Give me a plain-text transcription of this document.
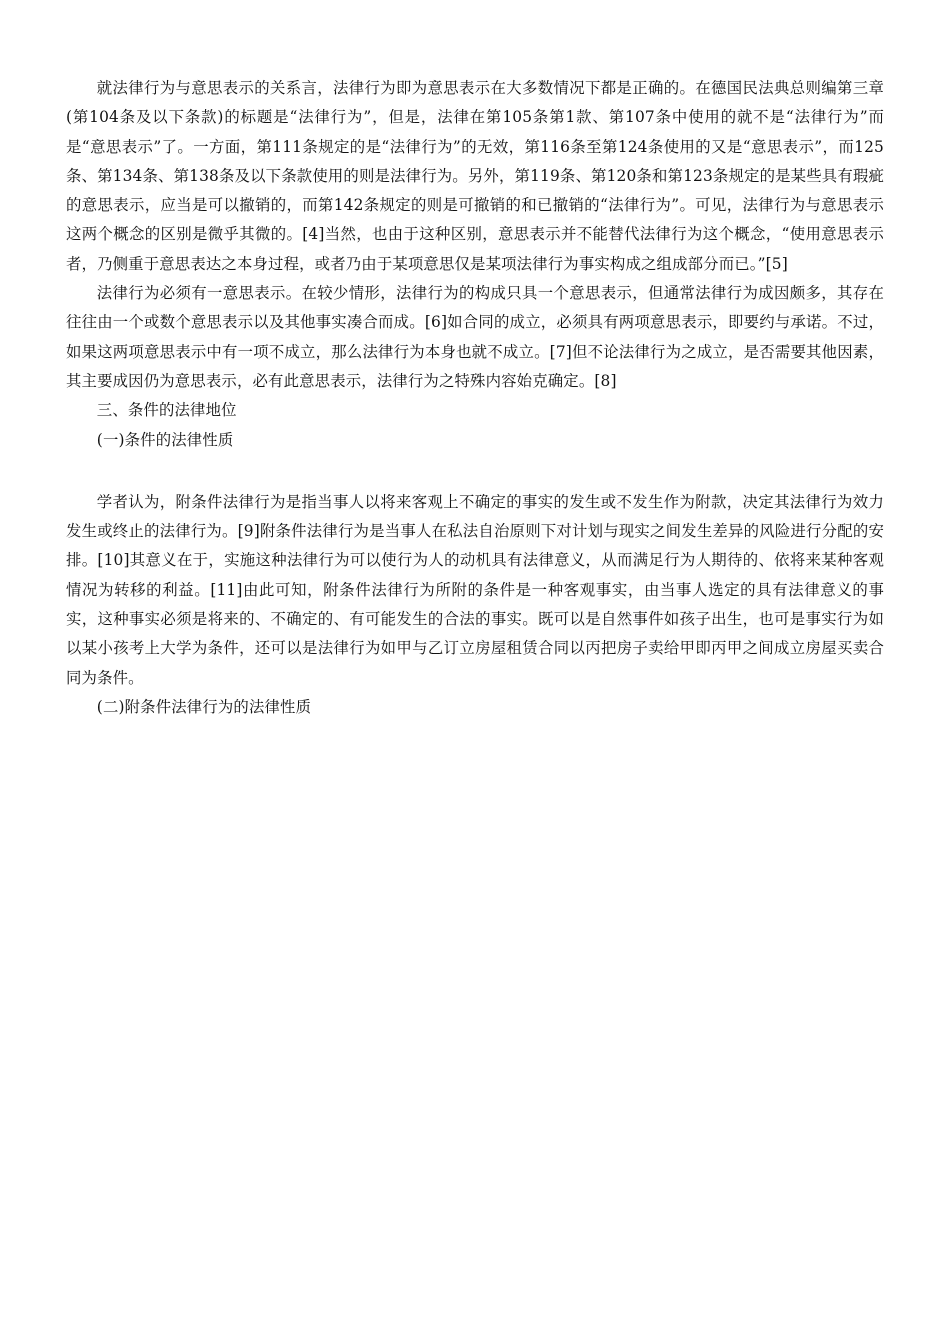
就法律行为与意思表示的关系言，法律行为即为意思表示在大多数情况下都是正确的。在德国民法典总则编第三章(第104条及以下条款)的标题是“法律行为”，但是，法律在第105条第1款、第107条中使用的就不是“法律行为”而是“意思表示”了。一方面，第111条规定的是“法律行为”的无效，第116条至第124条使用的又是“意思表示”，而125条、第134条、第138条及以下条款使用的则是法律行为。另外，第119条、第120条和第123条规定的是某些具有瑕疵的意思表示，应当是可以撤销的，而第142条规定的则是可撤销的和已撤销的“法律行为”。可见，法律行为与意思表示这两个概念的区别是微乎其微的。[4]当然，也由于这种区别，意思表示并不能替代法律行为这个概念，“使用意思表示者，乃侧重于意思表达之本身过程，或者乃由于某项意思仅是某项法律行为事实构成之组成部分而已。”[5]

法律行为必须有一意思表示。在较少情形，法律行为的构成只具一个意思表示，但通常法律行为成因颇多，其存在往往由一个或数个意思表示以及其他事实凑合而成。[6]如合同的成立，必须具有两项意思表示，即要约与承诺。不过，如果这两项意思表示中有一项不成立，那么法律行为本身也就不成立。[7]但不论法律行为之成立，是否需要其他因素，其主要成因仍为意思表示，必有此意思表示，法律行为之特殊内容始克确定。[8]

三、条件的法律地位

(一)条件的法律性质

学者认为，附条件法律行为是指当事人以将来客观上不确定的事实的发生或不发生作为附款，决定其法律行为效力发生或终止的法律行为。[9]附条件法律行为是当事人在私法自治原则下对计划与现实之间发生差异的风险进行分配的安排。[10]其意义在于，实施这种法律行为可以使行为人的动机具有法律意义，从而满足行为人期待的、依将来某种客观情况为转移的利益。[11]由此可知，附条件法律行为所附的条件是一种客观事实，由当事人选定的具有法律意义的事实，这种事实必须是将来的、不确定的、有可能发生的合法的事实。既可以是自然事件如孩子出生，也可是事实行为如以某小孩考上大学为条件，还可以是法律行为如甲与乙订立房屋租赁合同以丙把房子卖给甲即丙甲之间成立房屋买卖合同为条件。

(二)附条件法律行为的法律性质
